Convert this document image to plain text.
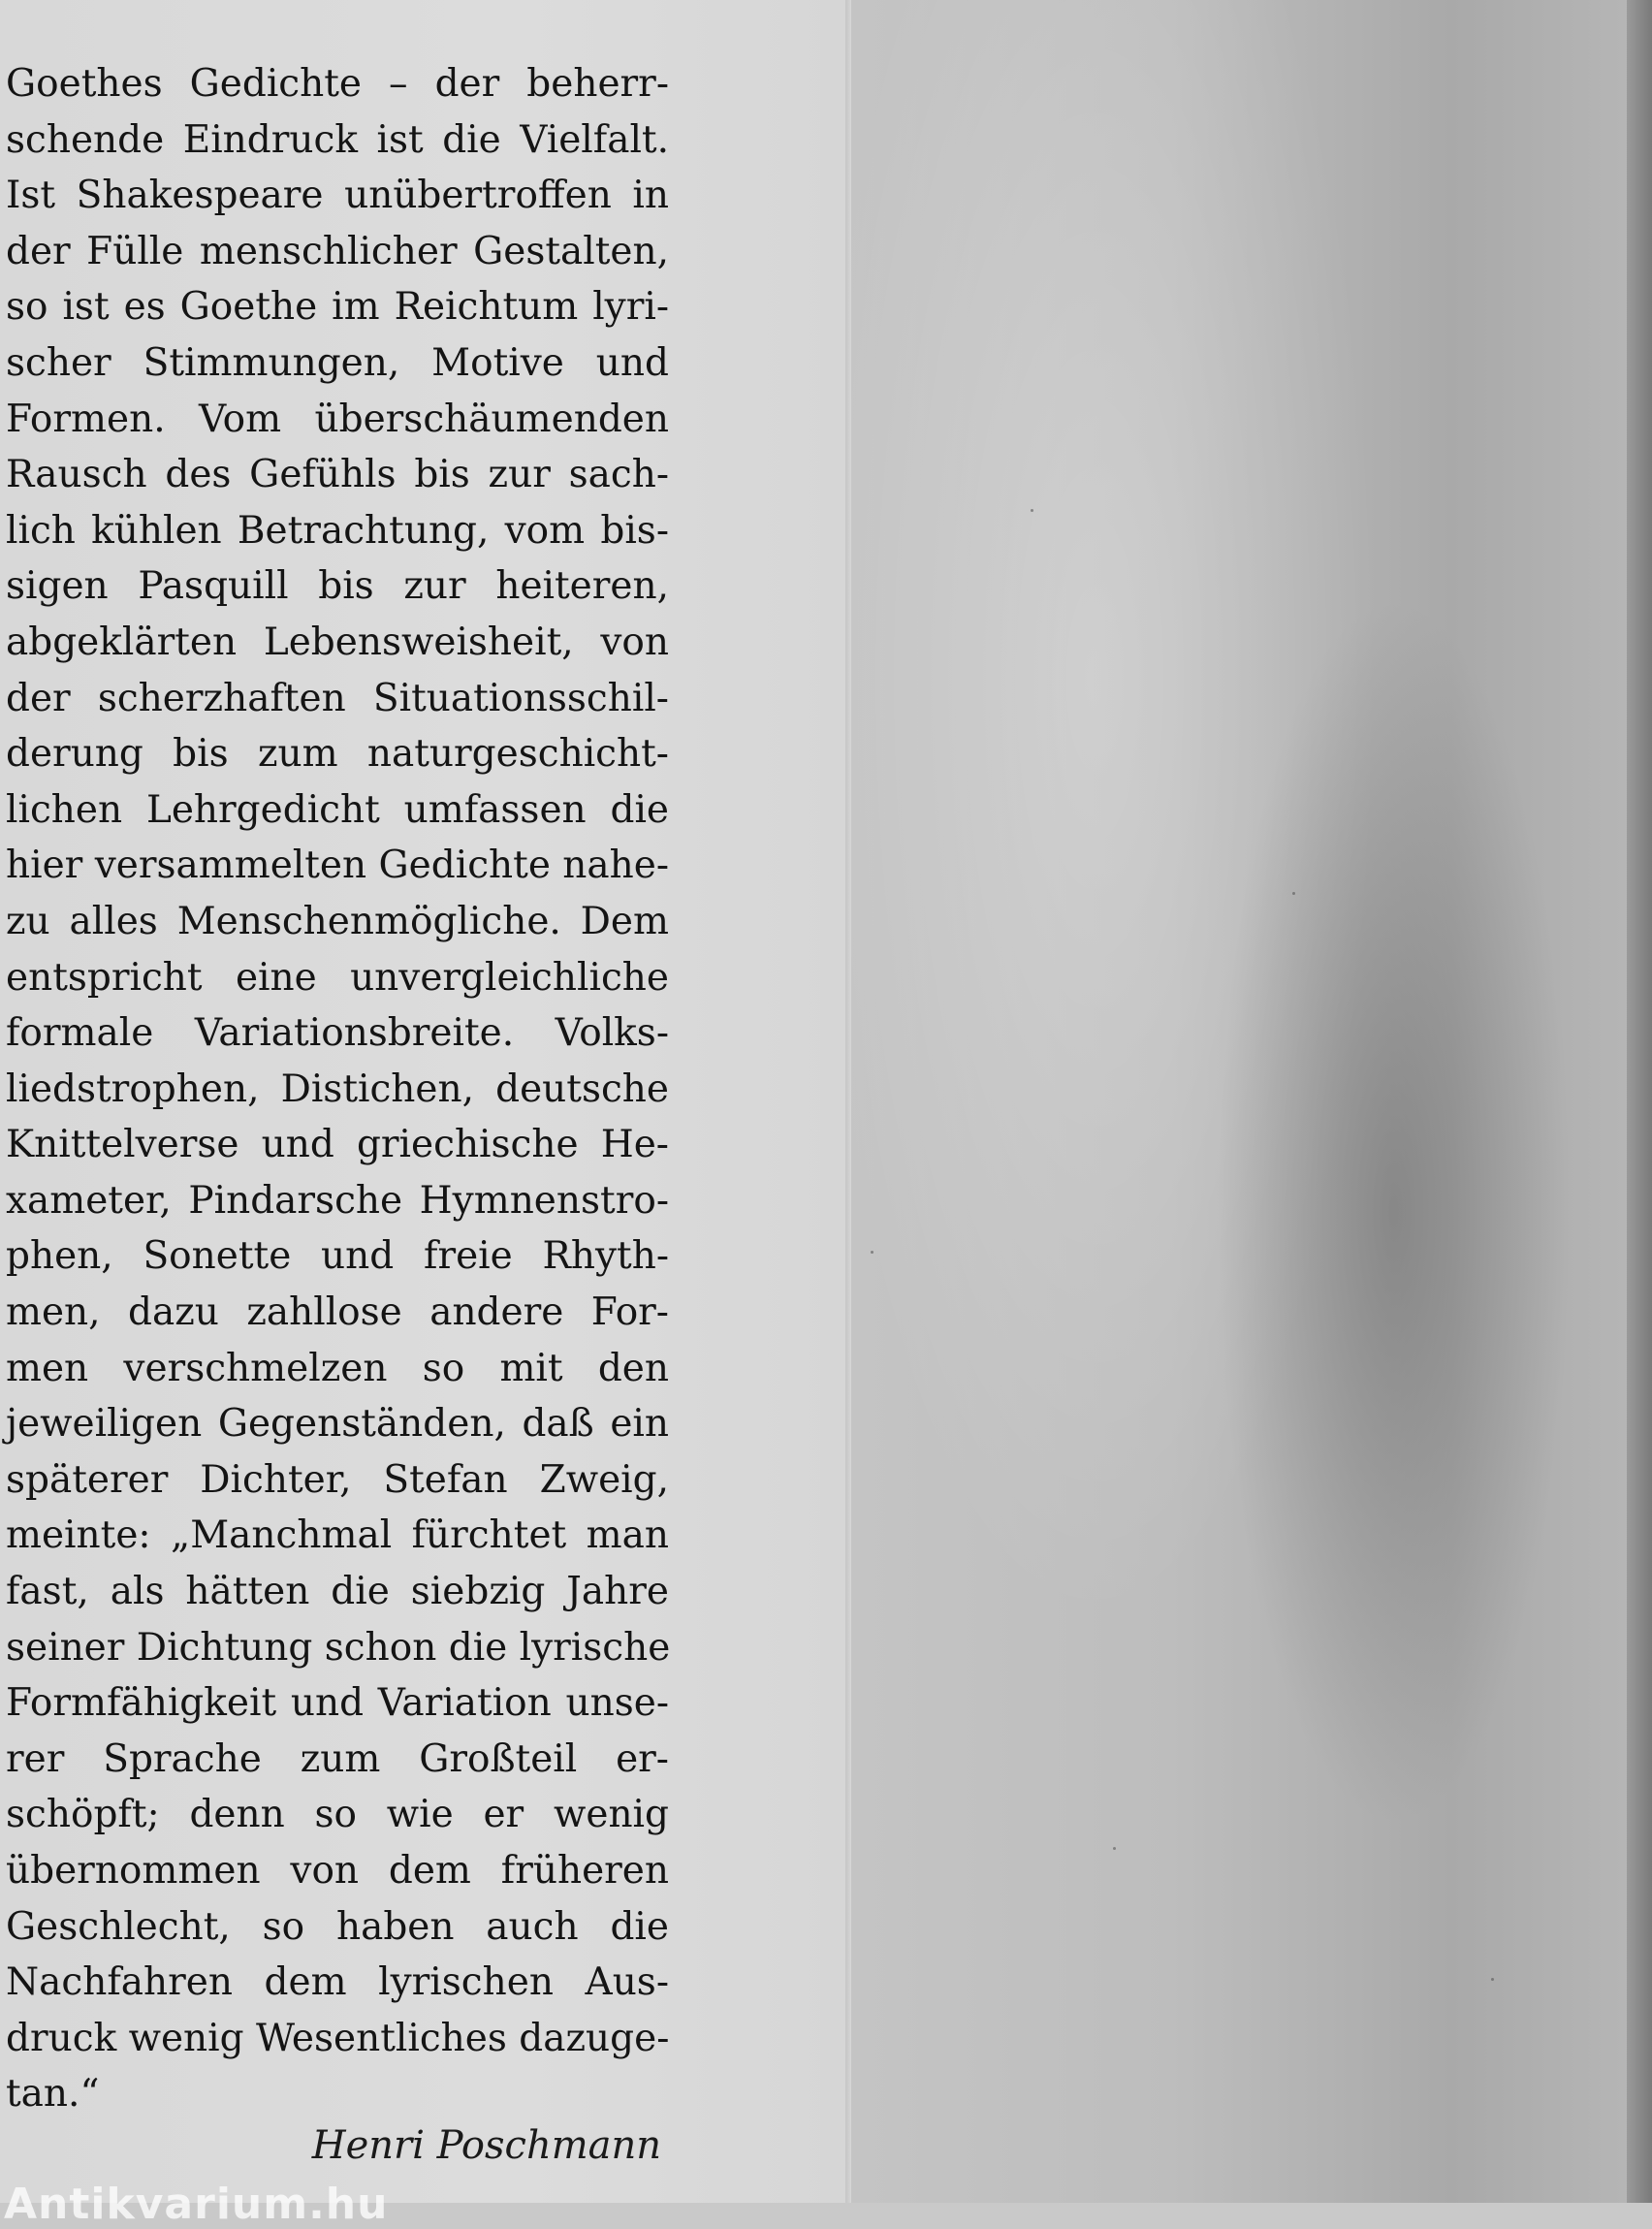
Goethes Gedichte – der beherr-
schende Eindruck ist die Vielfalt.
Ist Shakespeare unübertroffen in
der Fülle menschlicher Gestalten,
so ist es Goethe im Reichtum lyri-
scher Stimmungen, Motive und
Formen. Vom überschäumenden
Rausch des Gefühls bis zur sach-
lich kühlen Betrachtung, vom bis-
sigen Pasquill bis zur heiteren,
abgeklärten Lebensweisheit, von
der scherzhaften Situationsschil-
derung bis zum naturgeschicht-
lichen Lehrgedicht umfassen die
hier versammelten Gedichte nahe-
zu alles Menschenmögliche. Dem
entspricht eine unvergleichliche
formale Variationsbreite. Volks-
liedstrophen, Distichen, deutsche
Knittelverse und griechische He-
xameter, Pindarsche Hymnenstro-
phen, Sonette und freie Rhyth-
men, dazu zahllose andere For-
men verschmelzen so mit den
jeweiligen Gegenständen, daß ein
späterer Dichter, Stefan Zweig,
meinte: „Manchmal fürchtet man
fast, als hätten die siebzig Jahre
seiner Dichtung schon die lyrische
Formfähigkeit und Variation unse-
rer Sprache zum Großteil er-
schöpft; denn so wie er wenig
übernommen von dem früheren
Geschlecht, so haben auch die
Nachfahren dem lyrischen Aus-
druck wenig Wesentliches dazuge-
tan.“
Henri Poschmann
Antikvarium.hu
